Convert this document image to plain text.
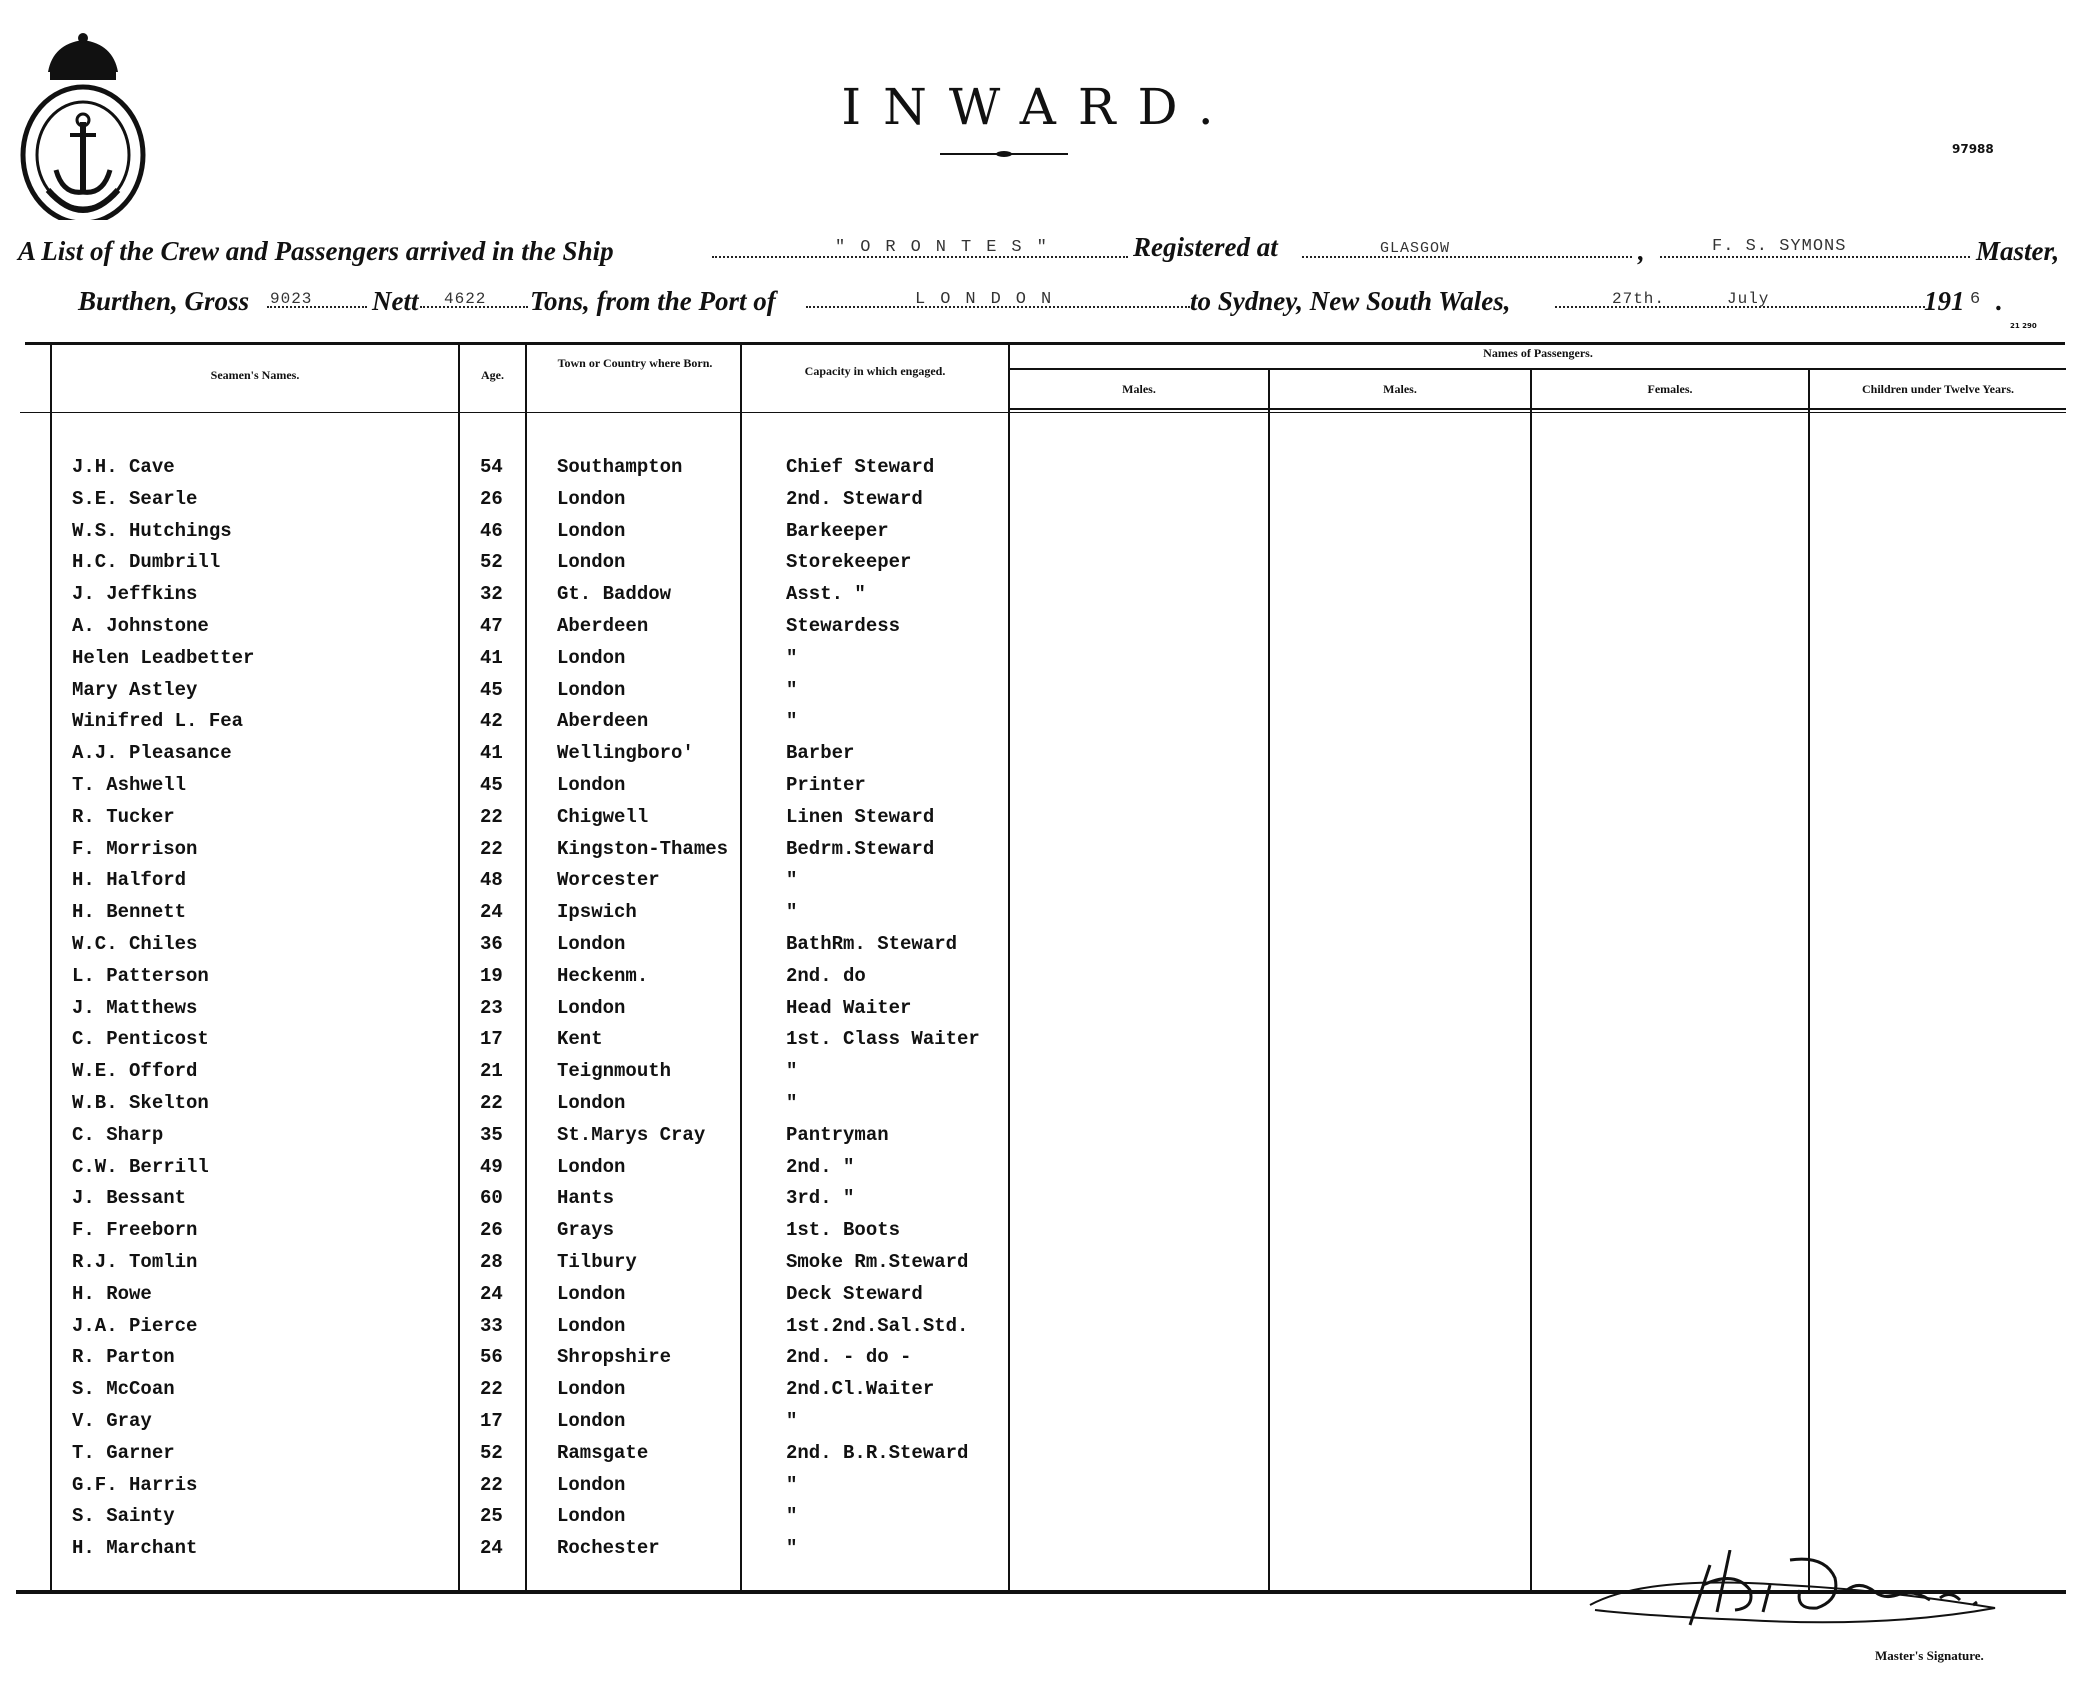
INWARD.
97988
21 290
A List of the Crew and Passengers arrived in the Ship	"ORONTES"	Registered at	GLASGOW	,	F. S. SYMONS	Master,
Burthen, Gross 9023 Nett 4622 Tons, from the Port of	LONDON	to Sydney, New South Wales,	27th.	July	191 6 .
Seamen's Names.	Age.
Town or Country where Born.
Capacity in which engaged.
Names of Passengers.
Males.	Males.	Females.	Children under Twelve Years.
J.H. Cave	54	Southampton	Chief Steward
S.E. Searle	26	London	2nd. Steward
W.S. Hutchings	46	London	Barkeeper
H.C. Dumbrill	52	London	Storekeeper
J. Jeffkins	32	Gt. Baddow	Asst. "
A. Johnstone	47	Aberdeen	Stewardess
Helen Leadbetter	41	London	"
Mary Astley	45	London	"
Winifred L. Fea	42	Aberdeen	"
A.J. Pleasance	41	Wellingboro'	Barber
T. Ashwell	45	London	Printer
R. Tucker	22	Chigwell	Linen Steward
F. Morrison	22	Kingston-Thames	Bedrm.Steward
H. Halford	48	Worcester	"
H. Bennett	24	Ipswich	"
W.C. Chiles	36	London	BathRm. Steward
L. Patterson	19	Heckenm.	2nd. do
J. Matthews	23	London	Head Waiter
C. Penticost	17	Kent	1st. Class Waiter
W.E. Offord	21	Teignmouth	"
W.B. Skelton	22	London	"
C. Sharp	35	St.Marys Cray	Pantryman
C.W. Berrill	49	London	2nd. "
J. Bessant	60	Hants	3rd. "
F. Freeborn	26	Grays	1st. Boots
R.J. Tomlin	28	Tilbury	Smoke Rm.Steward
H. Rowe	24	London	Deck Steward
J.A. Pierce	33	London	1st.2nd.Sal.Std.
R. Parton	56	Shropshire	2nd. - do -
S. McCoan	22	London	2nd.Cl.Waiter
V. Gray	17	London	"
T. Garner	52	Ramsgate	2nd. B.R.Steward
G.F. Harris	22	London	"
S. Sainty	25	London	"
H. Marchant	24	Rochester	"
Master's Signature.
